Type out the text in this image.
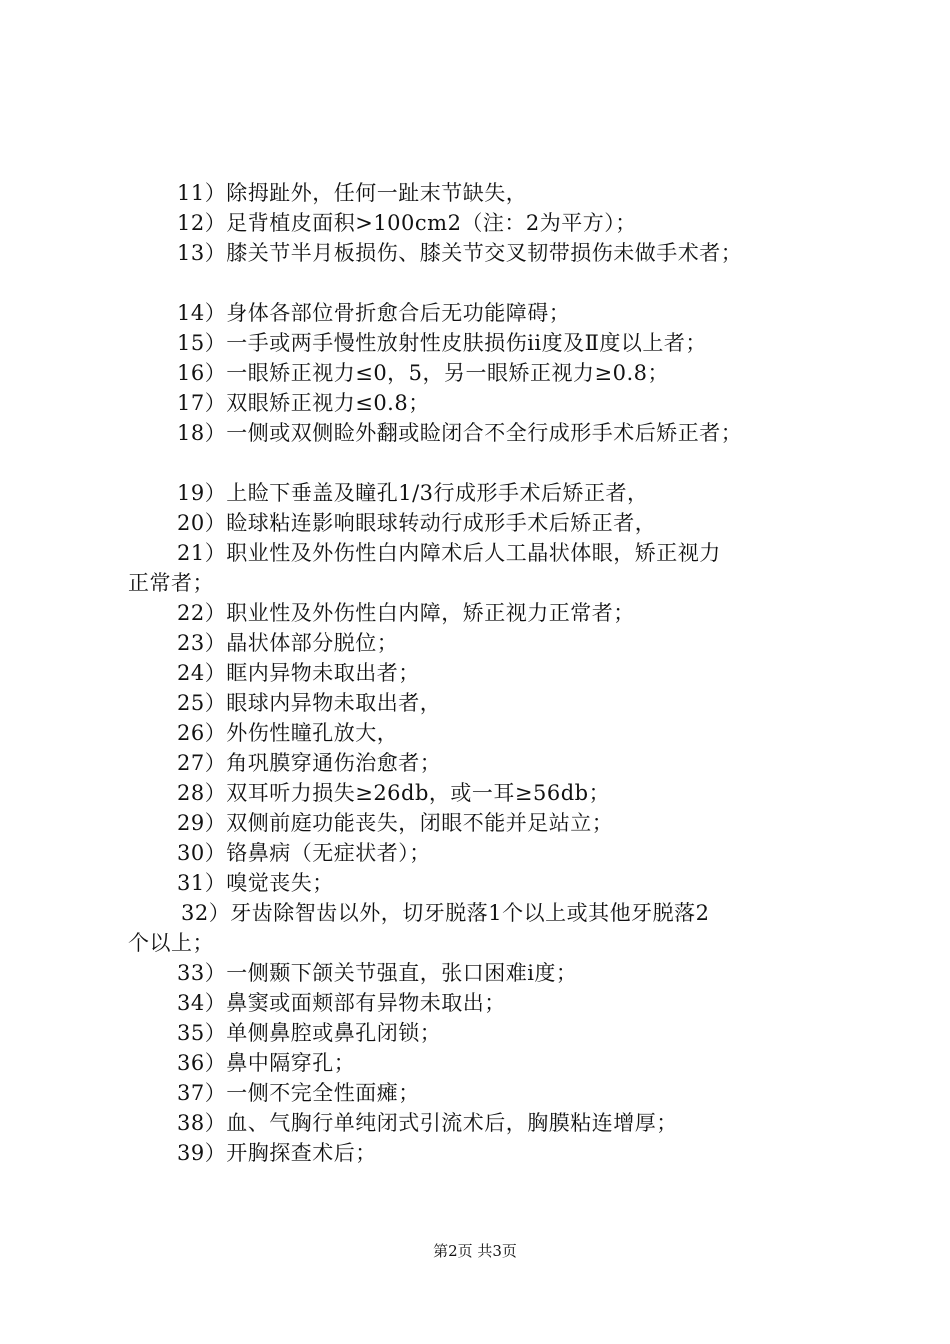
11）除拇趾外，任何一趾末节缺失，
12）足背植皮面积>100cm2（注：2为平方）；
13）膝关节半月板损伤、膝关节交叉韧带损伤未做手术者；
14）身体各部位骨折愈合后无功能障碍；
15）一手或两手慢性放射性皮肤损伤ii度及Ⅱ度以上者；
16）一眼矫正视力≤0，5，另一眼矫正视力≥0.8；
17）双眼矫正视力≤0.8；
18）一侧或双侧睑外翻或睑闭合不全行成形手术后矫正者；
19）上睑下垂盖及瞳孔1/3行成形手术后矫正者，
20）睑球粘连影响眼球转动行成形手术后矫正者，
21）职业性及外伤性白内障术后人工晶状体眼，矫正视力
正常者；
22）职业性及外伤性白内障，矫正视力正常者；
23）晶状体部分脱位；
24）眶内异物未取出者；
25）眼球内异物未取出者，
26）外伤性瞳孔放大，
27）角巩膜穿通伤治愈者；
28）双耳听力损失≥26db，或一耳≥56db；
29）双侧前庭功能丧失，闭眼不能并足站立；
30）铬鼻病（无症状者）；
31）嗅觉丧失；
32）牙齿除智齿以外，切牙脱落1个以上或其他牙脱落2
个以上；
33）一侧颞下颌关节强直，张口困难i度；
34）鼻窦或面颊部有异物未取出；
35）单侧鼻腔或鼻孔闭锁；
36）鼻中隔穿孔；
37）一侧不完全性面瘫；
38）血、气胸行单纯闭式引流术后，胸膜粘连增厚；
39）开胸探查术后；
第2页 共3页
